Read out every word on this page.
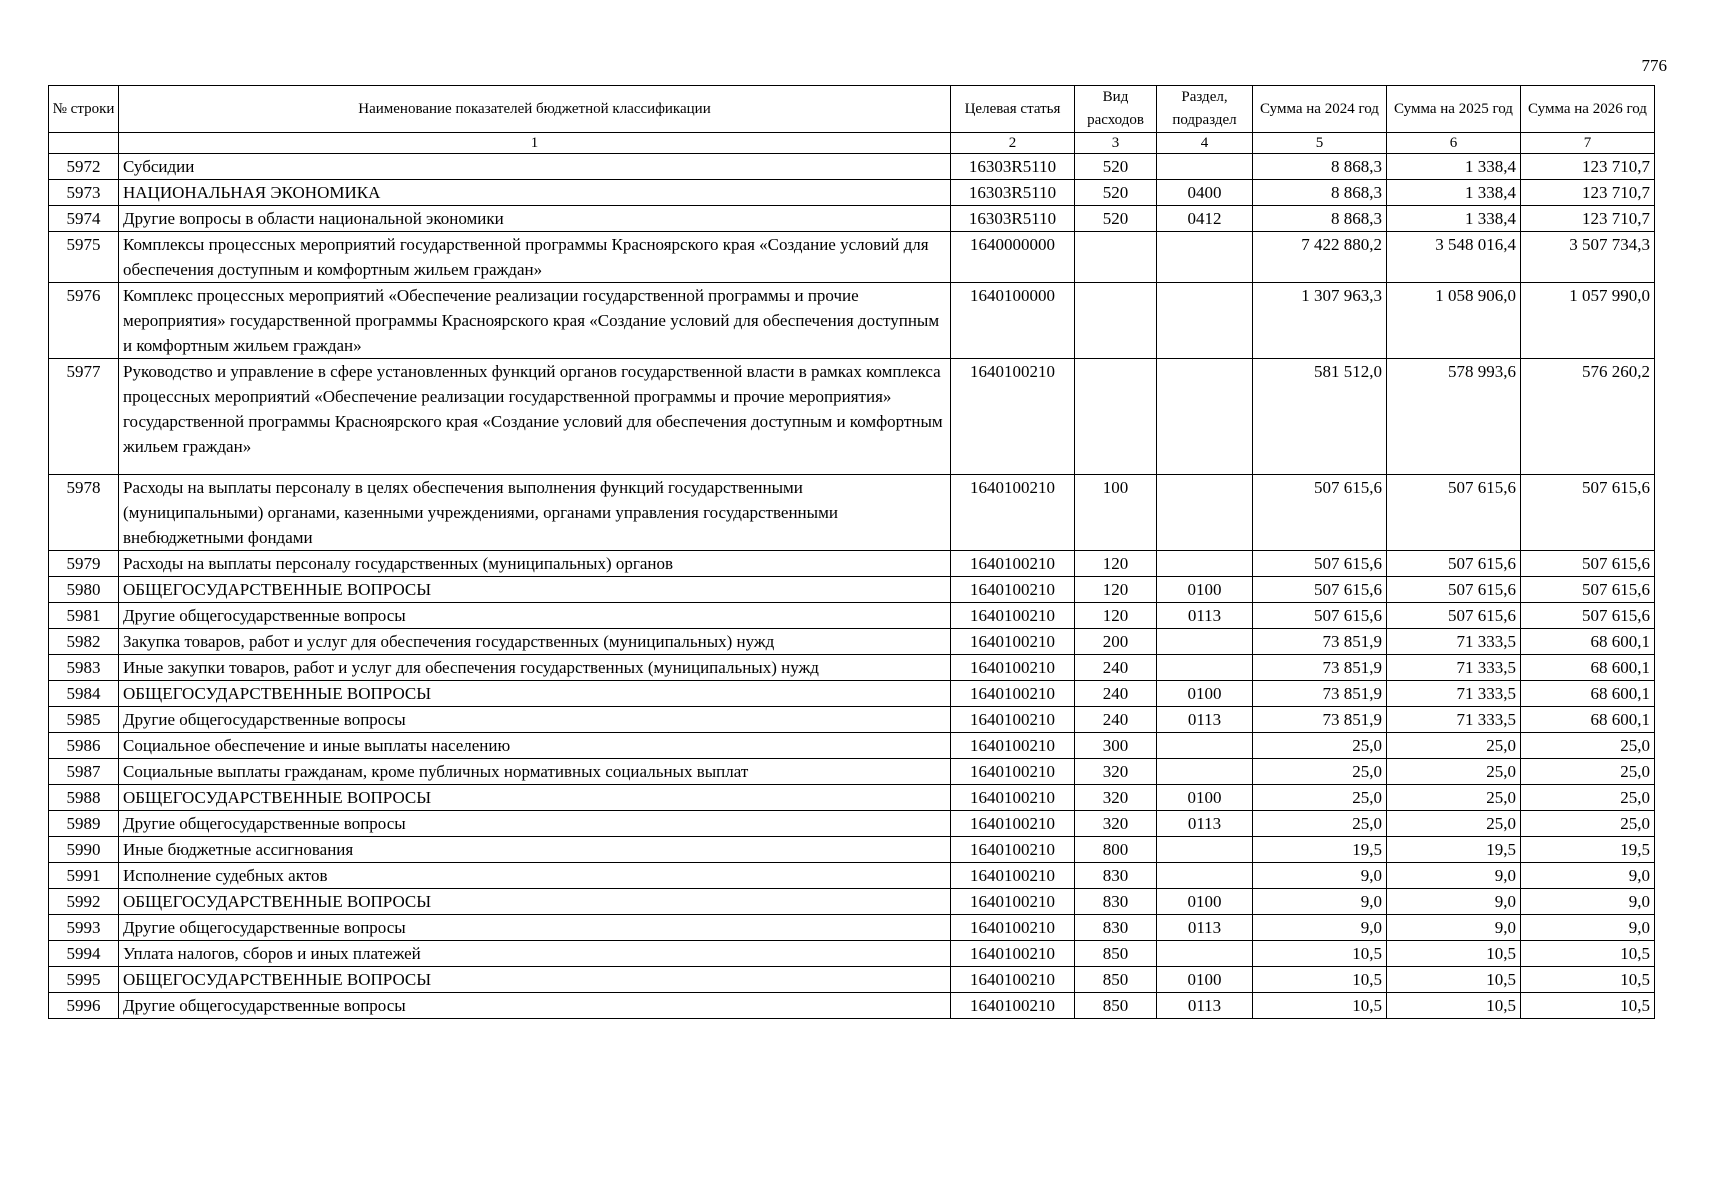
776
№ строки	Наименование показателей бюджетной классификации	Целевая статья	Вид расходов	Раздел, подраздел	Сумма на 2024 год	Сумма на 2025 год	Сумма на 2026 год
	1	2	3	4	5	6	7
5972	Субсидии	16303R5110	520		8 868,3	1 338,4	123 710,7
5973	НАЦИОНАЛЬНАЯ ЭКОНОМИКА	16303R5110	520	0400	8 868,3	1 338,4	123 710,7
5974	Другие вопросы в области национальной экономики	16303R5110	520	0412	8 868,3	1 338,4	123 710,7
5975	Комплексы процессных мероприятий государственной программы Красноярского края «Создание условий для обеспечения доступным и комфортным жильем граждан»	1640000000			7 422 880,2	3 548 016,4	3 507 734,3
5976	Комплекс процессных мероприятий «Обеспечение реализации государственной программы и прочие мероприятия» государственной программы Красноярского края «Создание условий для обеспечения доступным и комфортным жильем граждан»	1640100000			1 307 963,3	1 058 906,0	1 057 990,0
5977	Руководство и управление в сфере установленных функций органов государственной власти в рамках комплекса процессных мероприятий «Обеспечение реализации государственной программы и прочие мероприятия» государственной программы Красноярского края «Создание условий для обеспечения доступным и комфортным жильем граждан»	1640100210			581 512,0	578 993,6	576 260,2
5978	Расходы на выплаты персоналу в целях обеспечения выполнения функций государственными (муниципальными) органами, казенными учреждениями, органами управления государственными внебюджетными фондами	1640100210	100		507 615,6	507 615,6	507 615,6
5979	Расходы на выплаты персоналу государственных (муниципальных) органов	1640100210	120		507 615,6	507 615,6	507 615,6
5980	ОБЩЕГОСУДАРСТВЕННЫЕ ВОПРОСЫ	1640100210	120	0100	507 615,6	507 615,6	507 615,6
5981	Другие общегосударственные вопросы	1640100210	120	0113	507 615,6	507 615,6	507 615,6
5982	Закупка товаров, работ и услуг для обеспечения государственных (муниципальных) нужд	1640100210	200		73 851,9	71 333,5	68 600,1
5983	Иные закупки товаров, работ и услуг для обеспечения государственных (муниципальных) нужд	1640100210	240		73 851,9	71 333,5	68 600,1
5984	ОБЩЕГОСУДАРСТВЕННЫЕ ВОПРОСЫ	1640100210	240	0100	73 851,9	71 333,5	68 600,1
5985	Другие общегосударственные вопросы	1640100210	240	0113	73 851,9	71 333,5	68 600,1
5986	Социальное обеспечение и иные выплаты населению	1640100210	300		25,0	25,0	25,0
5987	Социальные выплаты гражданам, кроме публичных нормативных социальных выплат	1640100210	320		25,0	25,0	25,0
5988	ОБЩЕГОСУДАРСТВЕННЫЕ ВОПРОСЫ	1640100210	320	0100	25,0	25,0	25,0
5989	Другие общегосударственные вопросы	1640100210	320	0113	25,0	25,0	25,0
5990	Иные бюджетные ассигнования	1640100210	800		19,5	19,5	19,5
5991	Исполнение судебных актов	1640100210	830		9,0	9,0	9,0
5992	ОБЩЕГОСУДАРСТВЕННЫЕ ВОПРОСЫ	1640100210	830	0100	9,0	9,0	9,0
5993	Другие общегосударственные вопросы	1640100210	830	0113	9,0	9,0	9,0
5994	Уплата налогов, сборов и иных платежей	1640100210	850		10,5	10,5	10,5
5995	ОБЩЕГОСУДАРСТВЕННЫЕ ВОПРОСЫ	1640100210	850	0100	10,5	10,5	10,5
5996	Другие общегосударственные вопросы	1640100210	850	0113	10,5	10,5	10,5
